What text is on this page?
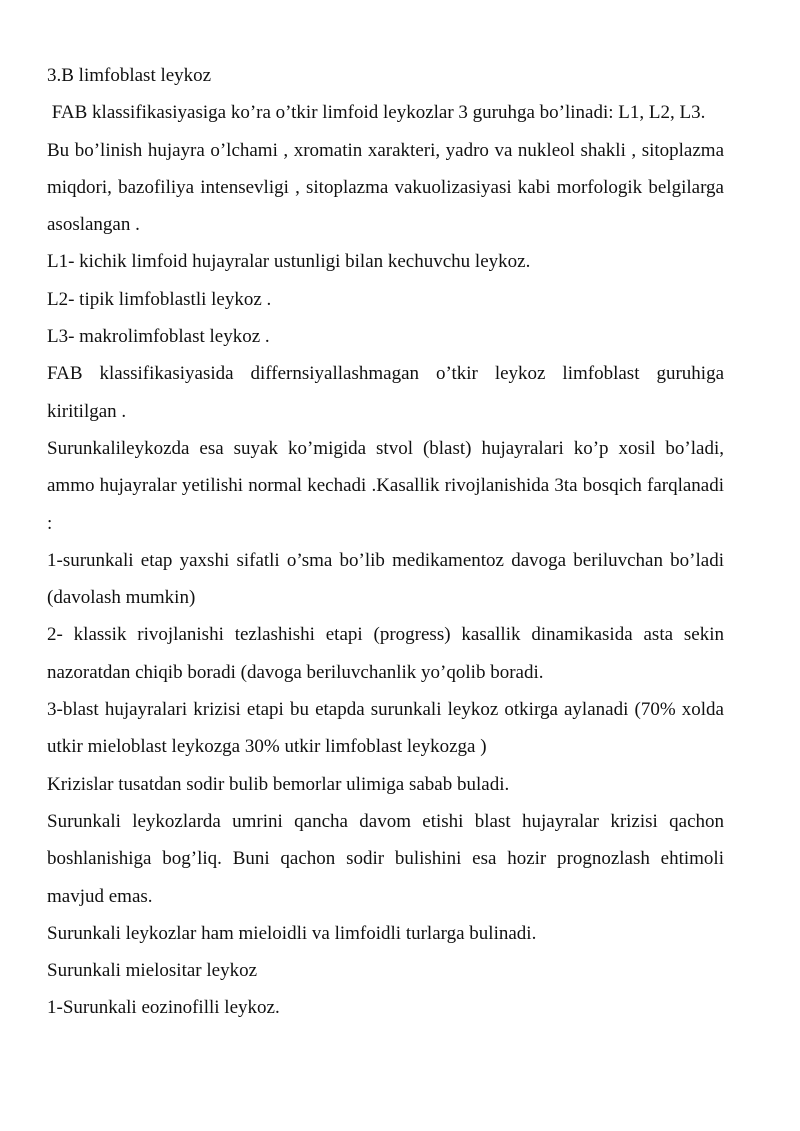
3.B limfoblast leykoz

FAB klassifikasiyasiga ko’ra o’tkir limfoid leykozlar 3 guruhga bo’linadi: L1, L2, L3.

Bu bo’linish hujayra o’lchami , xromatin xarakteri, yadro va nukleol shakli , sitoplazma miqdori, bazofiliya intensevligi , sitoplazma vakuolizasiyasi kabi morfologik belgilarga asoslangan .

L1- kichik limfoid hujayralar ustunligi bilan kechuvchu leykoz.

L2- tipik limfoblastli leykoz .

L3- makrolimfoblast leykoz .

FAB klassifikasiyasida differnsiyallashmagan o’tkir leykoz limfoblast guruhiga kiritilgan .

Surunkalileykozda esa suyak ko’migida stvol (blast) hujayralari ko’p xosil bo’ladi, ammo hujayralar yetilishi normal kechadi .Kasallik rivojlanishida 3ta bosqich farqlanadi :

1-surunkali etap yaxshi sifatli o’sma bo’lib medikamentoz davoga beriluvchan bo’ladi (davolash mumkin)

2- klassik rivojlanishi tezlashishi etapi (progress) kasallik dinamikasida asta sekin nazoratdan chiqib boradi (davoga beriluvchanlik yo’qolib boradi.

3-blast hujayralari krizisi etapi bu etapda surunkali leykoz otkirga aylanadi (70% xolda utkir mieloblast leykozga 30% utkir limfoblast leykozga )

Krizislar tusatdan sodir bulib bemorlar ulimiga sabab buladi.

Surunkali leykozlarda umrini qancha davom etishi blast hujayralar krizisi qachon boshlanishiga bog’liq. Buni qachon sodir bulishini esa hozir prognozlash ehtimoli mavjud emas.

Surunkali leykozlar ham mieloidli va limfoidli turlarga bulinadi.

Surunkali mielositar leykoz

1-Surunkali eozinofilli leykoz.
